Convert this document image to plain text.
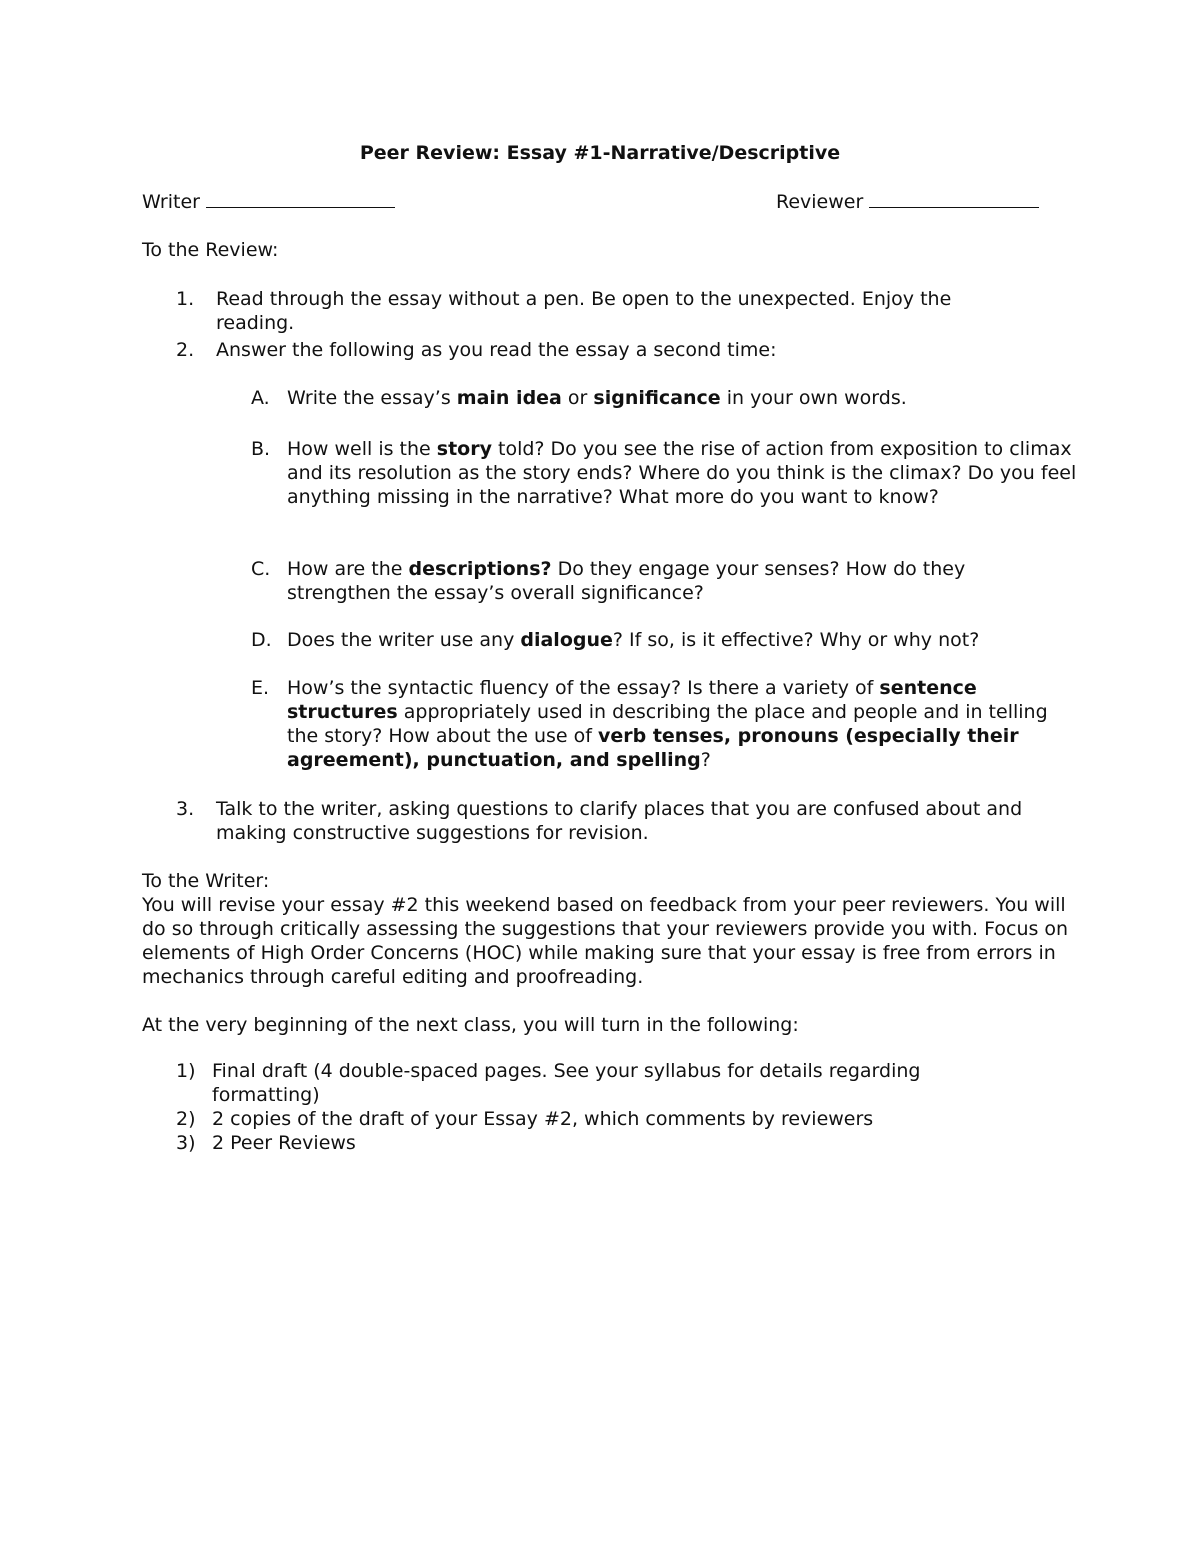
Peer Review: Essay #1-Narrative/Descriptive
Writer	Reviewer
To the Review:
1. Read through the essay without a pen. Be open to the unexpected. Enjoy the reading.
2. Answer the following as you read the essay a second time:
A. Write the essay’s main idea or significance in your own words.
B. How well is the story told? Do you see the rise of action from exposition to climax and its resolution as the story ends? Where do you think is the climax? Do you feel anything missing in the narrative? What more do you want to know?
C. How are the descriptions? Do they engage your senses? How do they strengthen the essay’s overall significance?
D. Does the writer use any dialogue? If so, is it effective? Why or why not?
E. How’s the syntactic fluency of the essay? Is there a variety of sentence structures appropriately used in describing the place and people and in telling the story? How about the use of verb tenses, pronouns (especially their agreement), punctuation, and spelling?
3. Talk to the writer, asking questions to clarify places that you are confused about and making constructive suggestions for revision.
To the Writer:
You will revise your essay #2 this weekend based on feedback from your peer reviewers. You will do so through critically assessing the suggestions that your reviewers provide you with. Focus on elements of High Order Concerns (HOC) while making sure that your essay is free from errors in mechanics through careful editing and proofreading.
At the very beginning of the next class, you will turn in the following:
1) Final draft (4 double-spaced pages. See your syllabus for details regarding formatting)
2) 2 copies of the draft of your Essay #2, which comments by reviewers
3) 2 Peer Reviews
